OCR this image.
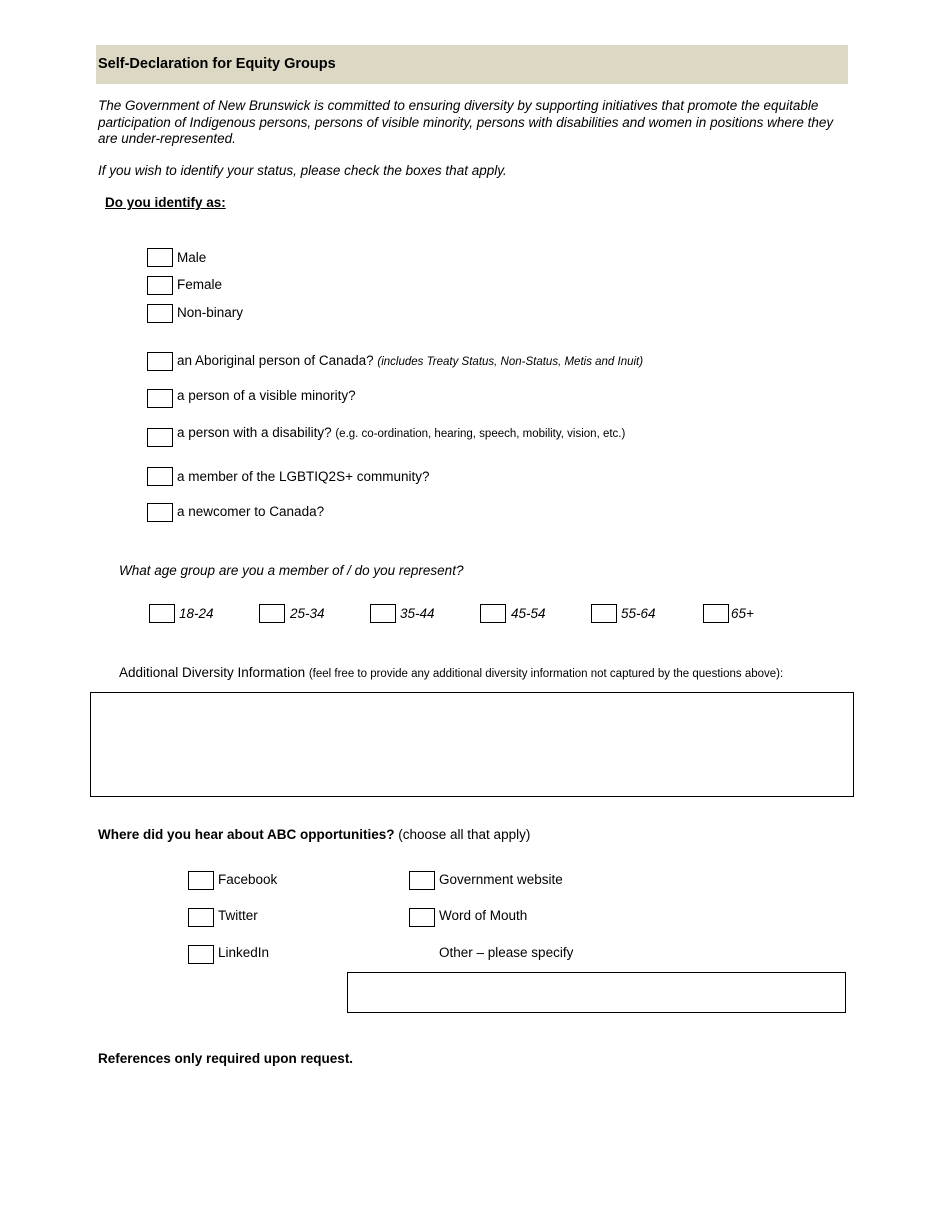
Self-Declaration for Equity Groups
The Government of New Brunswick is committed to ensuring diversity by supporting initiatives that promote the equitable participation of Indigenous persons, persons of visible minority, persons with disabilities and women in positions where they are under-represented.
If you wish to identify your status, please check the boxes that apply.
Do you identify as:
Male
Female
Non-binary
an Aboriginal person of Canada? (includes Treaty Status, Non-Status, Metis and Inuit)
a person of a visible minority?
a person with a disability? (e.g. co-ordination, hearing, speech, mobility, vision, etc.)
a member of the LGBTIQ2S+ community?
a newcomer to Canada?
What age group are you a member of / do you represent?
18-24	25-34	35-44	45-54	55-64	65+
Additional Diversity Information (feel free to provide any additional diversity information not captured by the questions above):
Where did you hear about ABC opportunities? (choose all that apply)
Facebook
Twitter
LinkedIn
Government website
Word of Mouth
Other – please specify
References only required upon request.
